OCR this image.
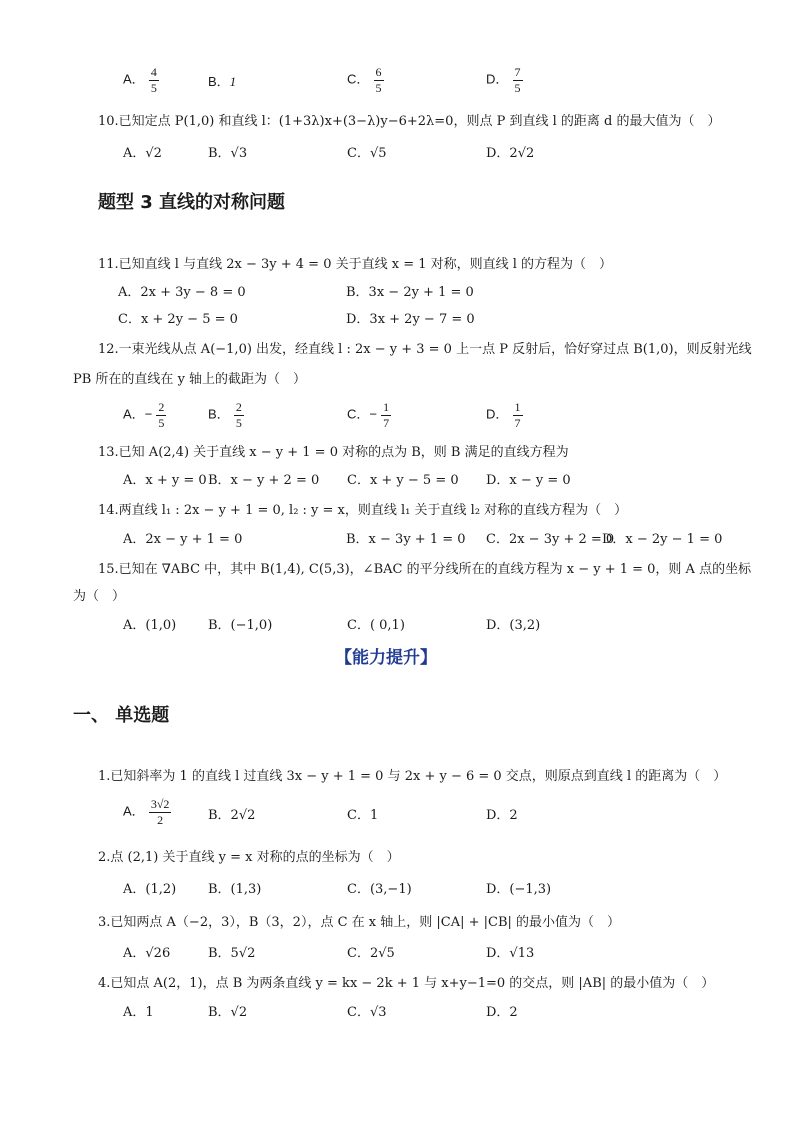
A． $\frac{4}{5}$	B．1	C． $\frac{6}{5}$	D． $\frac{7}{5}$
10.已知定点 P(1,0) 和直线 l：(1+3λ)x+(3−λ)y−6+2λ=0，则点 P 到直线 l 的距离 d 的最大值为（　）
A．√2	B．√3	C．√5	D．2√2
题型 3 直线的对称问题
11.已知直线 l 与直线 2x − 3y + 4 = 0 关于直线 x = 1 对称，则直线 l 的方程为（　）
A．2x + 3y − 8 = 0	B．3x − 2y + 1 = 0
C．x + 2y − 5 = 0	D．3x + 2y − 7 = 0
12.一束光线从点 A(−1,0) 出发，经直线 l : 2x − y + 3 = 0 上一点 P 反射后，恰好穿过点 B(1,0)，则反射光线
PB 所在的直线在 y 轴上的截距为（　）
A．− $\frac{2}{5}$	B． $\frac{2}{5}$	C．− $\frac{1}{7}$	D． $\frac{1}{7}$
13.已知 A(2,4) 关于直线 x − y + 1 = 0 对称的点为 B，则 B 满足的直线方程为
A．x + y = 0 B．x − y + 2 = 0 C．x + y − 5 = 0 D．x − y = 0
14.两直线 l₁ : 2x − y + 1 = 0, l₂ : y = x，则直线 l₁ 关于直线 l₂ 对称的直线方程为（　）
A．2x − y + 1 = 0	B．x − 3y + 1 = 0 C．2x − 3y + 2 = 0
D．x − 2y − 1 = 0
15.已知在 ∇ABC 中，其中 B(1,4), C(5,3)，∠BAC 的平分线所在的直线方程为 x − y + 1 = 0，则 A 点的坐标
为（　）
A．(1,0) B．(−1,0)	C．( 0,1)	D．(3,2)
【能力提升】
一、 单选题
1.已知斜率为 1 的直线 l 过直线 3x − y + 1 = 0 与 2x + y − 6 = 0 交点，则原点到直线 l 的距离为（　）
A． $\frac{3√2}{2}$	B．2√2	C．1	D．2
2.点 (2,1) 关于直线 y = x 对称的点的坐标为（　）
A．(1,2) B．(1,3)	C．(3,−1)	D．(−1,3)
3.已知两点 A（−2，3），B（3，2），点 C 在 x 轴上，则 |CA| + |CB| 的最小值为（　）
A．√26	B．5√2	C．2√5	D．√13
4.已知点 A(2，1)，点 B 为两条直线 y = kx − 2k + 1 与 x+y−1=0 的交点，则 |AB| 的最小值为（　）
A．1	B．√2	C．√3	D．2
